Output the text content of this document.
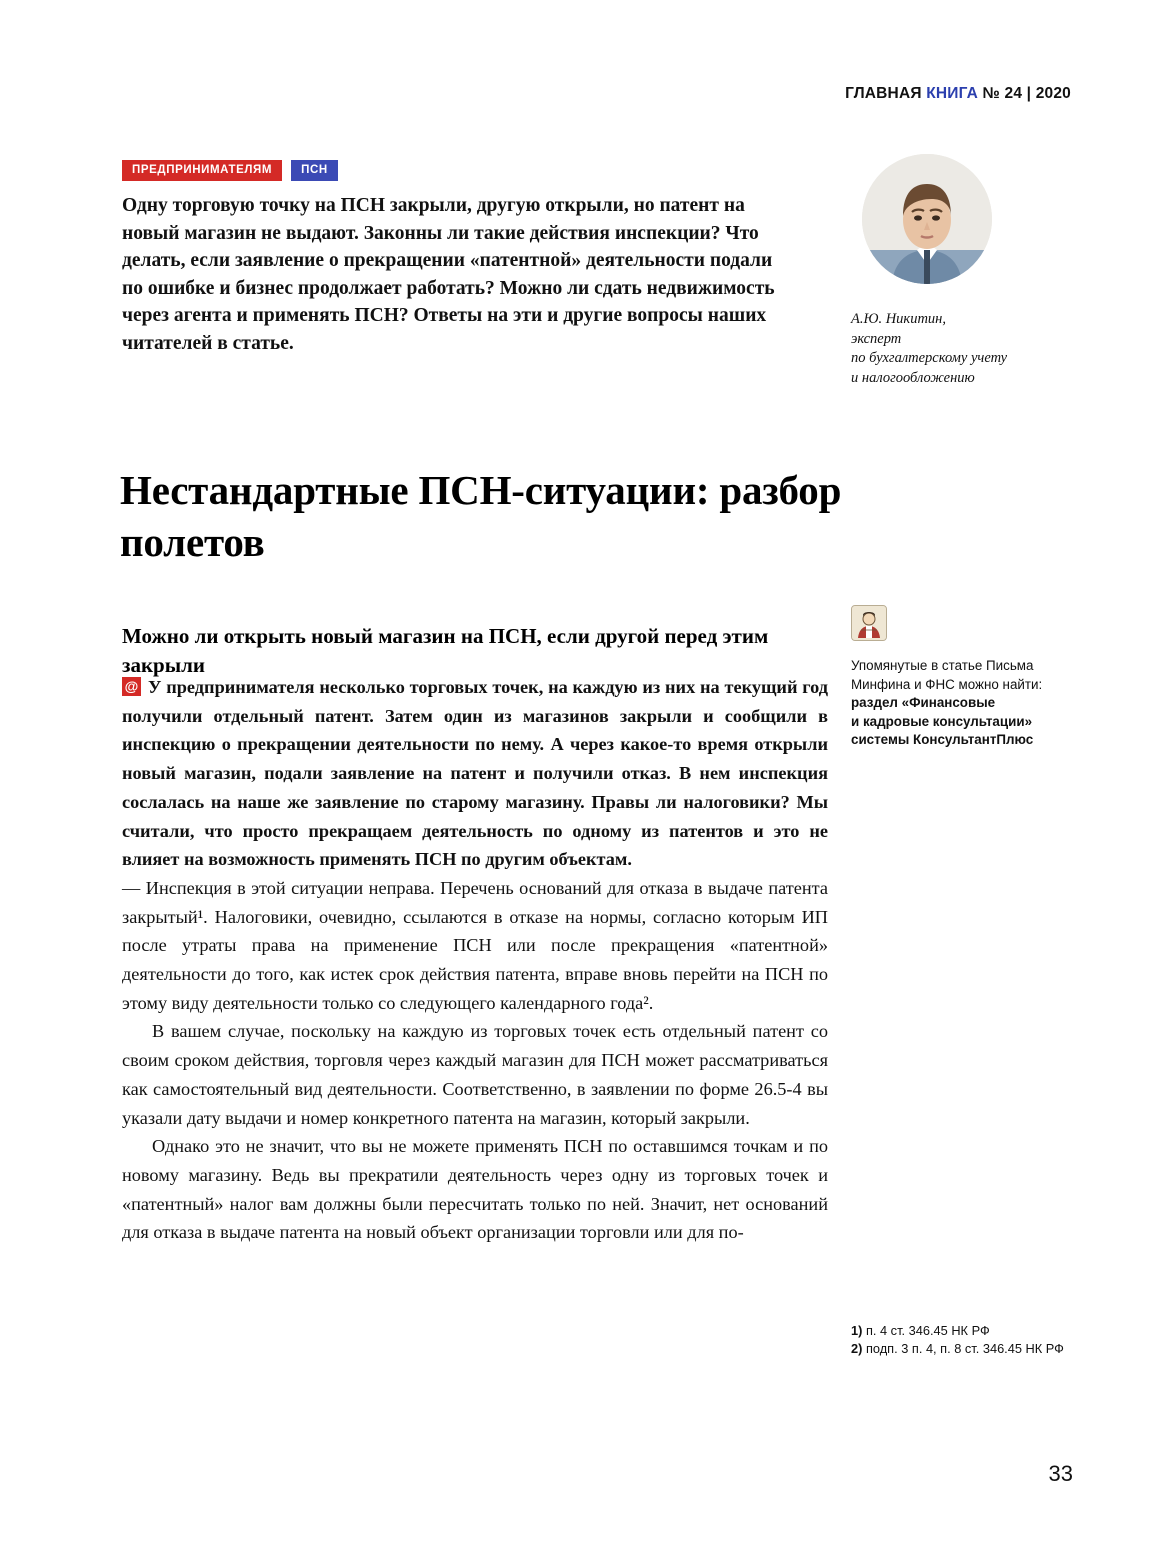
ГЛАВНАЯ КНИГА № 24 | 2020
ПРЕДПРИНИМАТЕЛЯМ	ПСН
Одну торговую точку на ПСН закрыли, другую открыли, но патент на новый магазин не выдают. Законны ли такие действия инспекции? Что делать, если заявление о прекращении «патентной» деятельности подали по ошибке и бизнес продолжает работать? Можно ли сдать недвижимость через агента и применять ПСН? Ответы на эти и другие вопросы наших читателей в статье.
А.Ю. Никитин,
эксперт
по бухгалтерскому учету
и налогообложению
Нестандартные ПСН-ситуации: разбор полетов
Можно ли открыть новый магазин на ПСН, если другой перед этим закрыли

@ У предпринимателя несколько торговых точек, на каждую из них на текущий год получили отдельный патент. Затем один из магазинов закрыли и сообщили в инспекцию о прекращении деятельности по нему. А через какое-то время открыли новый магазин, подали заявление на патент и получили отказ. В нем инспекция сослалась на наше же заявление по старому магазину. Правы ли налоговики? Мы считали, что просто прекращаем деятельность по одному из патентов и это не влияет на возможность применять ПСН по другим объектам.

— Инспекция в этой ситуации неправа. Перечень оснований для отказа в выдаче патента закрытый¹. Налоговики, очевидно, ссылаются в отказе на нормы, согласно которым ИП после утраты права на применение ПСН или после прекращения «патентной» деятельности до того, как истек срок действия патента, вправе вновь перейти на ПСН по этому виду деятельности только со следующего календарного года².

В вашем случае, поскольку на каждую из торговых точек есть отдельный патент со своим сроком действия, торговля через каждый магазин для ПСН может рассматриваться как самостоятельный вид деятельности. Соответственно, в заявлении по форме 26.5-4 вы указали дату выдачи и номер конкретного патента на магазин, который закрыли.

Однако это не значит, что вы не можете применять ПСН по оставшимся точкам и по новому магазину. Ведь вы прекратили деятельность через одну из торговых точек и «патентный» налог вам должны были пересчитать только по ней. Значит, нет оснований для отказа в выдаче патента на новый объект организации торговли или для по-

Упомянутые в статье Письма
Минфина и ФНС можно найти:
раздел «Финансовые
и кадровые консультации»
системы КонсультантПлюс
1) п. 4 ст. 346.45 НК РФ
2) подп. 3 п. 4, п. 8 ст. 346.45 НК РФ
33
